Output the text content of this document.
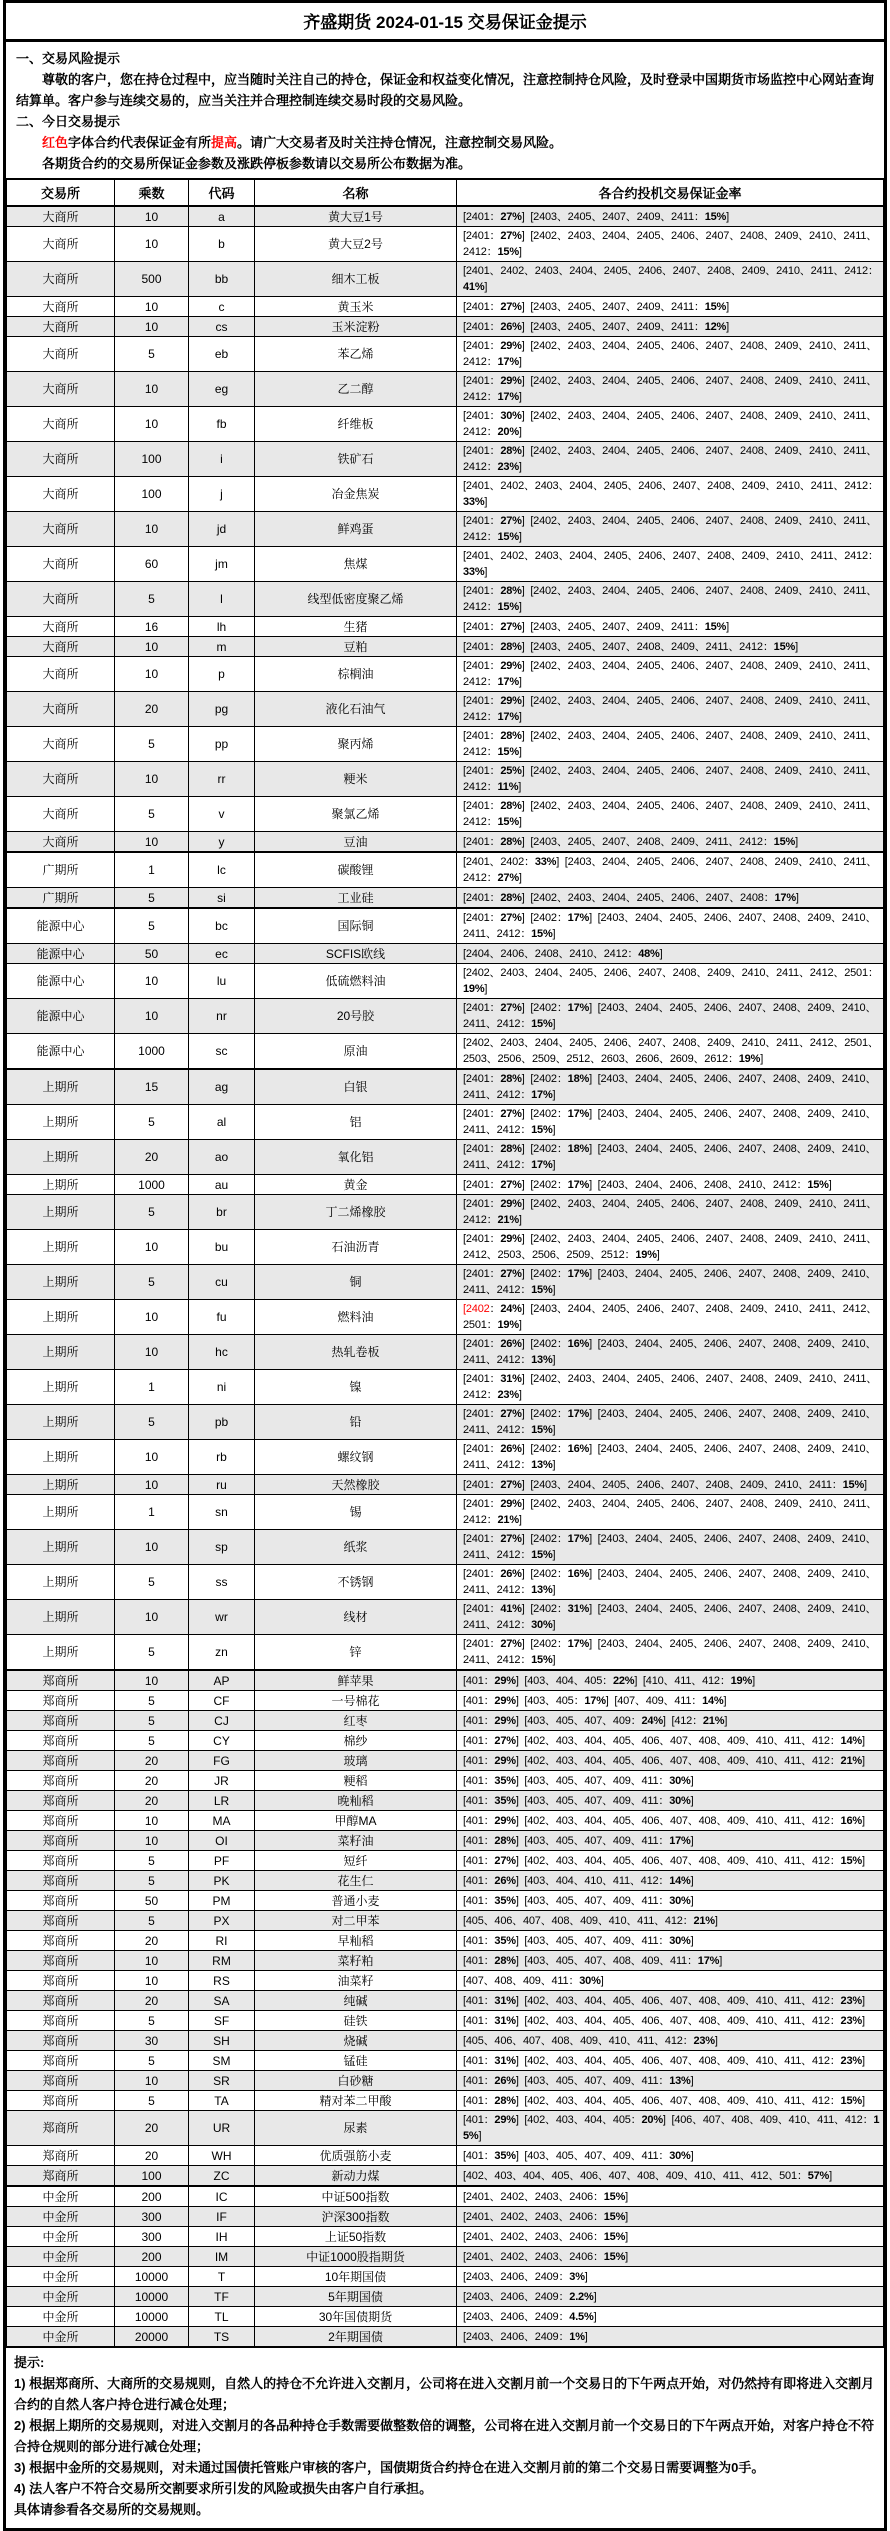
齐盛期货 2024-01-15 交易保证金提示
一、交易风险提示
尊敬的客户，您在持仓过程中，应当随时关注自己的持仓，保证金和权益变化情况，注意控制持仓风险，及时登录中国期货市场监控中心网站查询结算单。客户参与连续交易的，应当关注并合理控制连续交易时段的交易风险。
二、今日交易提示
红色字体合约代表保证金有所提高。请广大交易者及时关注持仓情况，注意控制交易风险。
各期货合约的交易所保证金参数及涨跌停板参数请以交易所公布数据为准。
交易所	乘数	代码	名称	各合约投机交易保证金率
大商所	10	a	黄大豆1号	[2401：27%]  [2403、2405、2407、2409、2411：15%]
大商所	10	b	黄大豆2号	[2401：27%]  [2402、2403、2404、2405、2406、2407、2408、2409、2410、2411、2412：15%]
大商所	500	bb	细木工板	[2401、2402、2403、2404、2405、2406、2407、2408、2409、2410、2411、2412：41%]
大商所	10	c	黄玉米	[2401：27%]  [2403、2405、2407、2409、2411：15%]
大商所	10	cs	玉米淀粉	[2401：26%]  [2403、2405、2407、2409、2411：12%]
大商所	5	eb	苯乙烯	[2401：29%]  [2402、2403、2404、2405、2406、2407、2408、2409、2410、2411、2412：17%]
大商所	10	eg	乙二醇	[2401：29%]  [2402、2403、2404、2405、2406、2407、2408、2409、2410、2411、2412：17%]
大商所	10	fb	纤维板	[2401：30%]  [2402、2403、2404、2405、2406、2407、2408、2409、2410、2411、2412：20%]
大商所	100	i	铁矿石	[2401：28%]  [2402、2403、2404、2405、2406、2407、2408、2409、2410、2411、2412：23%]
大商所	100	j	冶金焦炭	[2401、2402、2403、2404、2405、2406、2407、2408、2409、2410、2411、2412：33%]
大商所	10	jd	鲜鸡蛋	[2401：27%]  [2402、2403、2404、2405、2406、2407、2408、2409、2410、2411、2412：15%]
大商所	60	jm	焦煤	[2401、2402、2403、2404、2405、2406、2407、2408、2409、2410、2411、2412：33%]
大商所	5	l	线型低密度聚乙烯	[2401：28%]  [2402、2403、2404、2405、2406、2407、2408、2409、2410、2411、2412：15%]
大商所	16	lh	生猪	[2401：27%]  [2403、2405、2407、2409、2411：15%]
大商所	10	m	豆粕	[2401：28%]  [2403、2405、2407、2408、2409、2411、2412：15%]
大商所	10	p	棕榈油	[2401：29%]  [2402、2403、2404、2405、2406、2407、2408、2409、2410、2411、2412：17%]
大商所	20	pg	液化石油气	[2401：29%]  [2402、2403、2404、2405、2406、2407、2408、2409、2410、2411、2412：17%]
大商所	5	pp	聚丙烯	[2401：28%]  [2402、2403、2404、2405、2406、2407、2408、2409、2410、2411、2412：15%]
大商所	10	rr	粳米	[2401：25%]  [2402、2403、2404、2405、2406、2407、2408、2409、2410、2411、2412：11%]
大商所	5	v	聚氯乙烯	[2401：28%]  [2402、2403、2404、2405、2406、2407、2408、2409、2410、2411、2412：15%]
大商所	10	y	豆油	[2401：28%]  [2403、2405、2407、2408、2409、2411、2412：15%]
广期所	1	lc	碳酸锂	[2401、2402：33%]  [2403、2404、2405、2406、2407、2408、2409、2410、2411、2412：27%]
广期所	5	si	工业硅	[2401：28%]  [2402、2403、2404、2405、2406、2407、2408：17%]
能源中心	5	bc	国际铜	[2401：27%]  [2402：17%]  [2403、2404、2405、2406、2407、2408、2409、2410、2411、2412：15%]
能源中心	50	ec	SCFIS欧线	[2404、2406、2408、2410、2412：48%]
能源中心	10	lu	低硫燃料油	[2402、2403、2404、2405、2406、2407、2408、2409、2410、2411、2412、2501：19%]
能源中心	10	nr	20号胶	[2401：27%]  [2402：17%]  [2403、2404、2405、2406、2407、2408、2409、2410、2411、2412：15%]
能源中心	1000	sc	原油	[2402、2403、2404、2405、2406、2407、2408、2409、2410、2411、2412、2501、2503、2506、2509、2512、2603、2606、2609、2612：19%]
上期所	15	ag	白银	[2401：28%]  [2402：18%]  [2403、2404、2405、2406、2407、2408、2409、2410、2411、2412：17%]
上期所	5	al	铝	[2401：27%]  [2402：17%]  [2403、2404、2405、2406、2407、2408、2409、2410、2411、2412：15%]
上期所	20	ao	氧化铝	[2401：28%]  [2402：18%]  [2403、2404、2405、2406、2407、2408、2409、2410、2411、2412：17%]
上期所	1000	au	黄金	[2401：27%]  [2402：17%]  [2403、2404、2406、2408、2410、2412：15%]
上期所	5	br	丁二烯橡胶	[2401：29%]  [2402、2403、2404、2405、2406、2407、2408、2409、2410、2411、2412：21%]
上期所	10	bu	石油沥青	[2401：29%]  [2402、2403、2404、2405、2406、2407、2408、2409、2410、2411、2412、2503、2506、2509、2512：19%]
上期所	5	cu	铜	[2401：27%]  [2402：17%]  [2403、2404、2405、2406、2407、2408、2409、2410、2411、2412：15%]
上期所	10	fu	燃料油	[2402：24%]  [2403、2404、2405、2406、2407、2408、2409、2410、2411、2412、2501：19%]
上期所	10	hc	热轧卷板	[2401：26%]  [2402：16%]  [2403、2404、2405、2406、2407、2408、2409、2410、2411、2412：13%]
上期所	1	ni	镍	[2401：31%]  [2402、2403、2404、2405、2406、2407、2408、2409、2410、2411、2412：23%]
上期所	5	pb	铅	[2401：27%]  [2402：17%]  [2403、2404、2405、2406、2407、2408、2409、2410、2411、2412：15%]
上期所	10	rb	螺纹钢	[2401：26%]  [2402：16%]  [2403、2404、2405、2406、2407、2408、2409、2410、2411、2412：13%]
上期所	10	ru	天然橡胶	[2401：27%]  [2403、2404、2405、2406、2407、2408、2409、2410、2411：15%]
上期所	1	sn	锡	[2401：29%]  [2402、2403、2404、2405、2406、2407、2408、2409、2410、2411、2412：21%]
上期所	10	sp	纸浆	[2401：27%]  [2402：17%]  [2403、2404、2405、2406、2407、2408、2409、2410、2411、2412：15%]
上期所	5	ss	不锈钢	[2401：26%]  [2402：16%]  [2403、2404、2405、2406、2407、2408、2409、2410、2411、2412：13%]
上期所	10	wr	线材	[2401：41%]  [2402：31%]  [2403、2404、2405、2406、2407、2408、2409、2410、2411、2412：30%]
上期所	5	zn	锌	[2401：27%]  [2402：17%]  [2403、2404、2405、2406、2407、2408、2409、2410、2411、2412：15%]
郑商所	10	AP	鲜苹果	[401：29%]  [403、404、405：22%]  [410、411、412：19%]
郑商所	5	CF	一号棉花	[401：29%]  [403、405：17%]  [407、409、411：14%]
郑商所	5	CJ	红枣	[401：29%]  [403、405、407、409：24%]  [412：21%]
郑商所	5	CY	棉纱	[401：27%]  [402、403、404、405、406、407、408、409、410、411、412：14%]
郑商所	20	FG	玻璃	[401：29%]  [402、403、404、405、406、407、408、409、410、411、412：21%]
郑商所	20	JR	粳稻	[401：35%]  [403、405、407、409、411：30%]
郑商所	20	LR	晚籼稻	[401：35%]  [403、405、407、409、411：30%]
郑商所	10	MA	甲醇MA	[401：29%]  [402、403、404、405、406、407、408、409、410、411、412：16%]
郑商所	10	OI	菜籽油	[401：28%]  [403、405、407、409、411：17%]
郑商所	5	PF	短纤	[401：27%]  [402、403、404、405、406、407、408、409、410、411、412：15%]
郑商所	5	PK	花生仁	[401：26%]  [403、404、410、411、412：14%]
郑商所	50	PM	普通小麦	[401：35%]  [403、405、407、409、411：30%]
郑商所	5	PX	对二甲苯	[405、406、407、408、409、410、411、412：21%]
郑商所	20	RI	早籼稻	[401：35%]  [403、405、407、409、411：30%]
郑商所	10	RM	菜籽粕	[401：28%]  [403、405、407、408、409、411：17%]
郑商所	10	RS	油菜籽	[407、408、409、411：30%]
郑商所	20	SA	纯碱	[401：31%]  [402、403、404、405、406、407、408、409、410、411、412：23%]
郑商所	5	SF	硅铁	[401：31%]  [402、403、404、405、406、407、408、409、410、411、412：23%]
郑商所	30	SH	烧碱	[405、406、407、408、409、410、411、412：23%]
郑商所	5	SM	锰硅	[401：31%]  [402、403、404、405、406、407、408、409、410、411、412：23%]
郑商所	10	SR	白砂糖	[401：26%]  [403、405、407、409、411：13%]
郑商所	5	TA	精对苯二甲酸	[401：28%]  [402、403、404、405、406、407、408、409、410、411、412：15%]
郑商所	20	UR	尿素	[401：29%]  [402、403、404、405：20%]  [406、407、408、409、410、411、412：15%]
郑商所	20	WH	优质强筋小麦	[401：35%]  [403、405、407、409、411：30%]
郑商所	100	ZC	新动力煤	[402、403、404、405、406、407、408、409、410、411、412、501：57%]
中金所	200	IC	中证500指数	[2401、2402、2403、2406：15%]
中金所	300	IF	沪深300指数	[2401、2402、2403、2406：15%]
中金所	300	IH	上证50指数	[2401、2402、2403、2406：15%]
中金所	200	IM	中证1000股指期货	[2401、2402、2403、2406：15%]
中金所	10000	T	10年期国债	[2403、2406、2409：3%]
中金所	10000	TF	5年期国债	[2403、2406、2409：2.2%]
中金所	10000	TL	30年国债期货	[2403、2406、2409：4.5%]
中金所	20000	TS	2年期国债	[2403、2406、2409：1%]
提示:
1) 根据郑商所、大商所的交易规则，自然人的持仓不允许进入交割月，公司将在进入交割月前一个交易日的下午两点开始，对仍然持有即将进入交割月合约的自然人客户持仓进行减仓处理；
2) 根据上期所的交易规则，对进入交割月的各品种持仓手数需要做整数倍的调整，公司将在进入交割月前一个交易日的下午两点开始，对客户持仓不符合持仓规则的部分进行减仓处理；
3) 根据中金所的交易规则，对未通过国债托管账户审核的客户，国债期货合约持仓在进入交割月前的第二个交易日需要调整为0手。
4) 法人客户不符合交易所交割要求所引发的风险或损失由客户自行承担。
具体请参看各交易所的交易规则。
